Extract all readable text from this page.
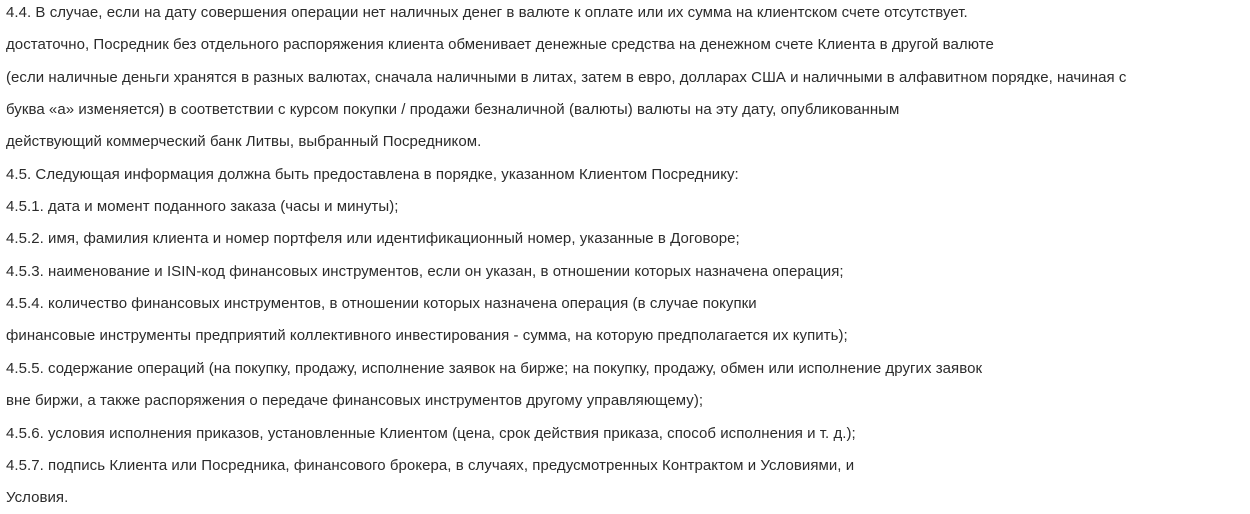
4.4. В случае, если на дату совершения операции нет наличных денег в валюте к оплате или их сумма на клиентском счете отсутствует.
достаточно, Посредник без отдельного распоряжения клиента обменивает денежные средства на денежном счете Клиента в другой валюте
(если наличные деньги хранятся в разных валютах, сначала наличными в литах, затем в евро, долларах США и наличными в алфавитном порядке, начиная с
буква «а» изменяется) в соответствии с курсом покупки / продажи безналичной (валюты) валюты на эту дату, опубликованным
действующий коммерческий банк Литвы, выбранный Посредником.
4.5. Следующая информация должна быть предоставлена в порядке, указанном Клиентом Посреднику:
4.5.1. дата и момент поданного заказа (часы и минуты);
4.5.2. имя, фамилия клиента и номер портфеля или идентификационный номер, указанные в Договоре;
4.5.3. наименование и ISIN-код финансовых инструментов, если он указан, в отношении которых назначена операция;
4.5.4. количество финансовых инструментов, в отношении которых назначена операция (в случае покупки
финансовые инструменты предприятий коллективного инвестирования - сумма, на которую предполагается их купить);
4.5.5. содержание операций (на покупку, продажу, исполнение заявок на бирже; на покупку, продажу, обмен или исполнение других заявок
вне биржи, а также распоряжения о передаче финансовых инструментов другому управляющему);
4.5.6. условия исполнения приказов, установленные Клиентом (цена, срок действия приказа, способ исполнения и т. д.);
4.5.7. подпись Клиента или Посредника, финансового брокера, в случаях, предусмотренных Контрактом и Условиями, и
Условия.
